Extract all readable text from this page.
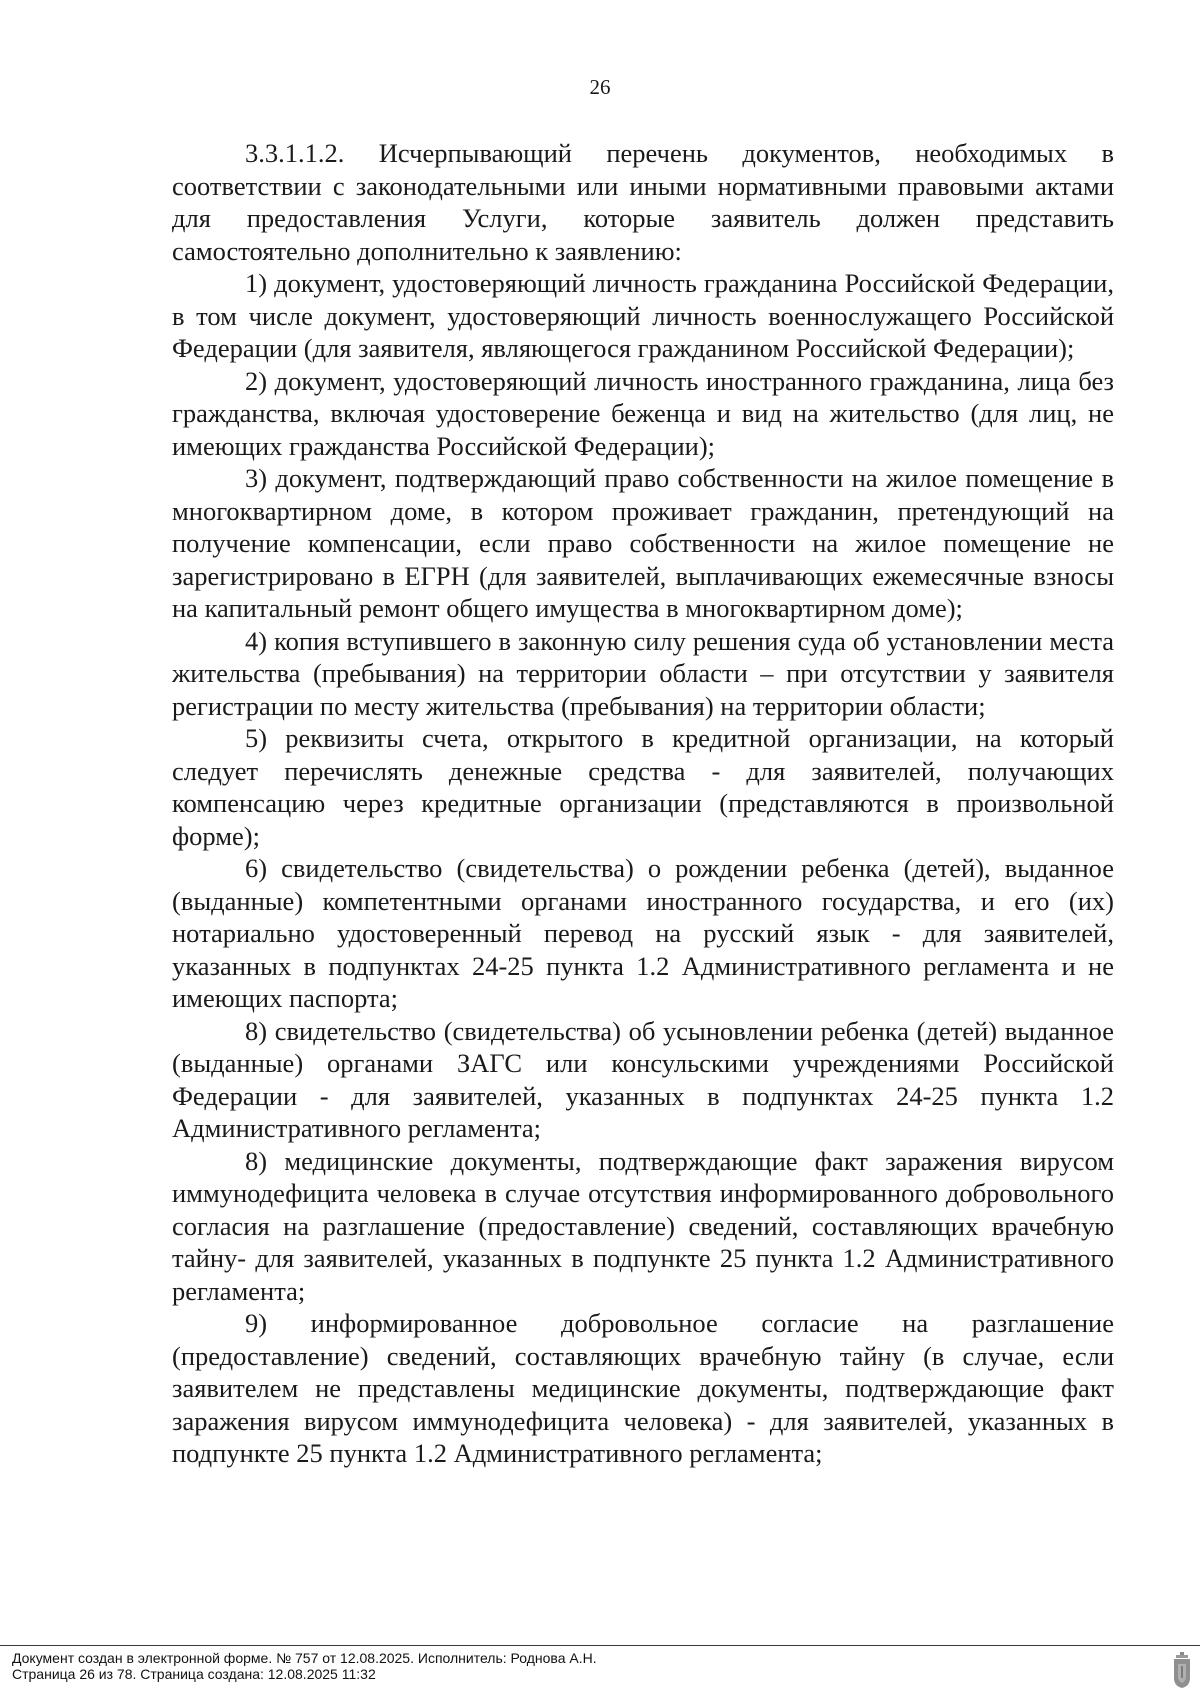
26

3.3.1.1.2. Исчерпывающий перечень документов, необходимых в соответствии с законодательными или иными нормативными правовыми актами для предоставления Услуги, которые заявитель должен представить самостоятельно дополнительно к заявлению:

1) документ, удостоверяющий личность гражданина Российской Федерации, в том числе документ, удостоверяющий личность военнослужащего Российской Федерации (для заявителя, являющегося гражданином Российской Федерации);

2) документ, удостоверяющий личность иностранного гражданина, лица без гражданства, включая удостоверение беженца и вид на жительство (для лиц, не имеющих гражданства Российской Федерации);

3) документ, подтверждающий право собственности на жилое помещение в многоквартирном доме, в котором проживает гражданин, претендующий на получение компенсации, если право собственности на жилое помещение не зарегистрировано в ЕГРН (для заявителей, выплачивающих ежемесячные взносы на капитальный ремонт общего имущества в многоквартирном доме);

4) копия вступившего в законную силу решения суда об установлении места жительства (пребывания) на территории области – при отсутствии у заявителя регистрации по месту жительства (пребывания) на территории области;

5) реквизиты счета, открытого в кредитной организации, на который следует перечислять денежные средства - для заявителей, получающих компенсацию через кредитные организации (представляются в произвольной форме);

6) свидетельство (свидетельства) о рождении ребенка (детей), выданное (выданные) компетентными органами иностранного государства, и его (их) нотариально удостоверенный перевод на русский язык - для заявителей, указанных в подпунктах 24-25 пункта 1.2 Административного регламента и не имеющих паспорта;

8) свидетельство (свидетельства) об усыновлении ребенка (детей) выданное (выданные) органами ЗАГС или консульскими учреждениями Российской Федерации - для заявителей, указанных в подпунктах 24-25 пункта 1.2 Административного регламента;

8) медицинские документы, подтверждающие факт заражения вирусом иммунодефицита человека в случае отсутствия информированного добровольного согласия на разглашение (предоставление) сведений, составляющих врачебную тайну- для заявителей, указанных в подпункте 25 пункта 1.2 Административного регламента;

9) информированное добровольное согласие на разглашение (предоставление) сведений, составляющих врачебную тайну (в случае, если заявителем не представлены медицинские документы, подтверждающие факт заражения вирусом иммунодефицита человека) - для заявителей, указанных в подпункте 25 пункта 1.2 Административного регламента;

Документ создан в электронной форме. № 757 от 12.08.2025. Исполнитель: Роднова А.Н.
Страница 26 из 78. Страница создана: 12.08.2025 11:32
